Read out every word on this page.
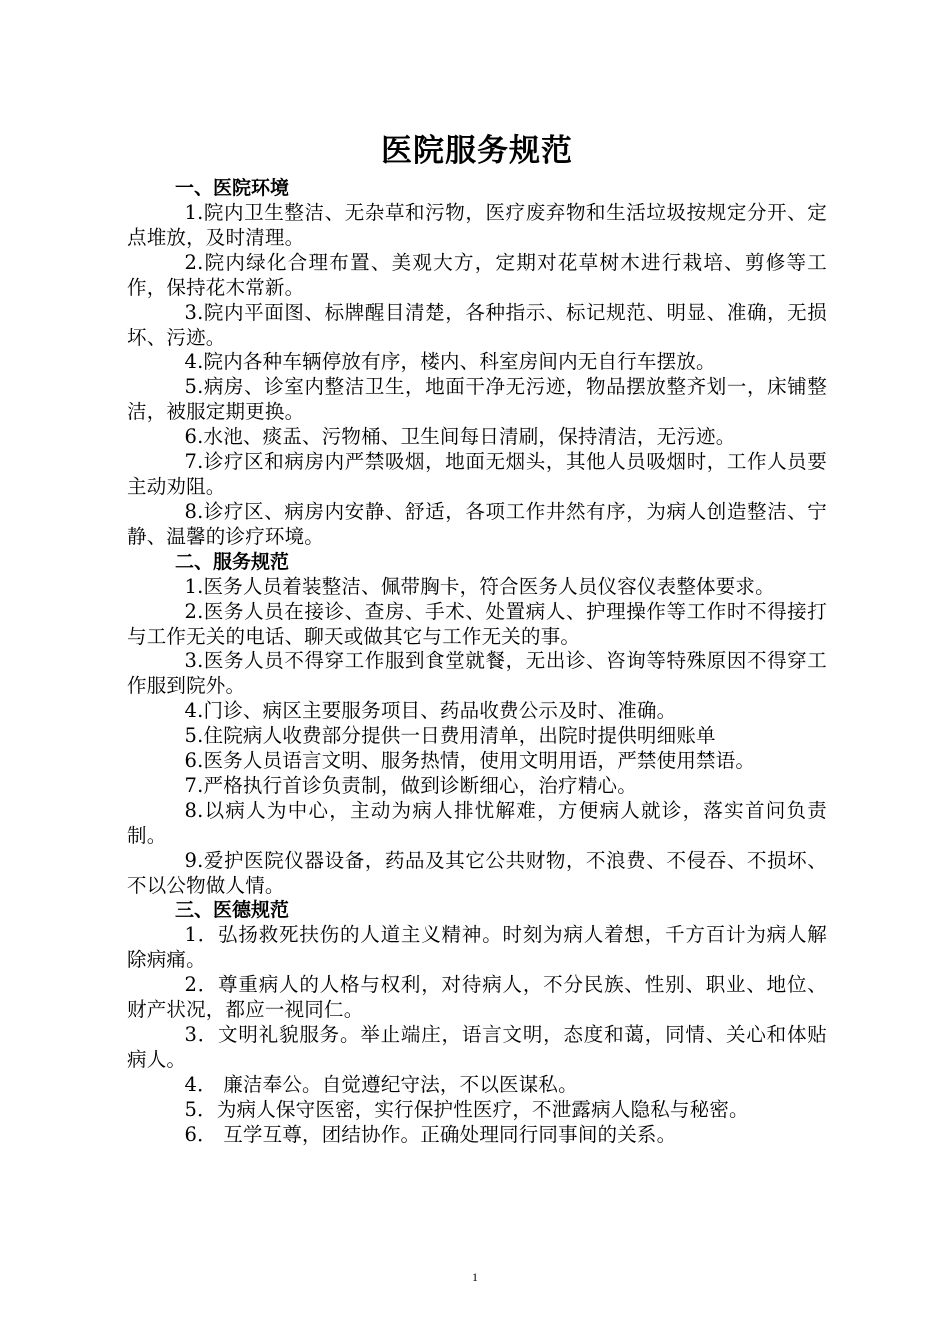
医院服务规范
一、医院环境

1.院内卫生整洁、无杂草和污物，医疗废弃物和生活垃圾按规定分开、定点堆放，及时清理。

2.院内绿化合理布置、美观大方，定期对花草树木进行栽培、剪修等工作，保持花木常新。

3.院内平面图、标牌醒目清楚，各种指示、标记规范、明显、准确，无损坏、污迹。

4.院内各种车辆停放有序，楼内、科室房间内无自行车摆放。

5.病房、诊室内整洁卫生，地面干净无污迹，物品摆放整齐划一，床铺整洁，被服定期更换。

6.水池、痰盂、污物桶、卫生间每日清刷，保持清洁，无污迹。

7.诊疗区和病房内严禁吸烟，地面无烟头，其他人员吸烟时，工作人员要主动劝阻。

8.诊疗区、病房内安静、舒适，各项工作井然有序，为病人创造整洁、宁静、温馨的诊疗环境。

二、服务规范

1.医务人员着装整洁、佩带胸卡，符合医务人员仪容仪表整体要求。

2.医务人员在接诊、查房、手术、处置病人、护理操作等工作时不得接打与工作无关的电话、聊天或做其它与工作无关的事。

3.医务人员不得穿工作服到食堂就餐，无出诊、咨询等特殊原因不得穿工作服到院外。

4.门诊、病区主要服务项目、药品收费公示及时、准确。

5.住院病人收费部分提供一日费用清单，出院时提供明细账单

6.医务人员语言文明、服务热情，使用文明用语，严禁使用禁语。

7.严格执行首诊负责制，做到诊断细心，治疗精心。

8.以病人为中心，主动为病人排忧解难，方便病人就诊，落实首问负责制。

9.爱护医院仪器设备，药品及其它公共财物，不浪费、不侵吞、不损坏、不以公物做人情。

三、医德规范

1．弘扬救死扶伤的人道主义精神。时刻为病人着想，千方百计为病人解除病痛。

2．尊重病人的人格与权利，对待病人，不分民族、性别、职业、地位、财产状况，都应一视同仁。

3．文明礼貌服务。举止端庄，语言文明，态度和蔼，同情、关心和体贴病人。

4． 廉洁奉公。自觉遵纪守法，不以医谋私。

5．为病人保守医密，实行保护性医疗，不泄露病人隐私与秘密。

6． 互学互尊，团结协作。正确处理同行同事间的关系。

1
